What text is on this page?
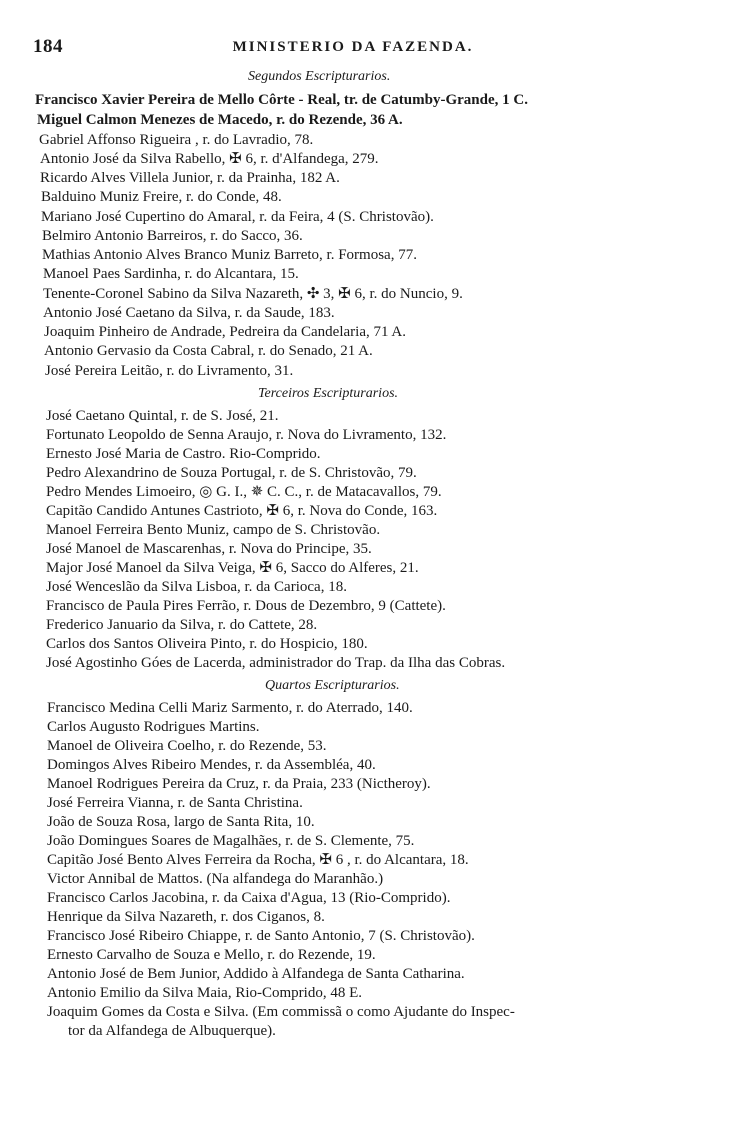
184	MINISTERIO DA FAZENDA.
Segundos Escripturarios.
Francisco Xavier Pereira de Mello Côrte - Real, tr. de Catumby-Grande, 1 C.
Miguel Calmon Menezes de Macedo, r. do Rezende, 36 A.
Gabriel Affonso Rigueira , r. do Lavradio, 78.
Antonio José da Silva Rabello, ✠ 6, r. d'Alfandega, 279.
Ricardo Alves Villela Junior, r. da Prainha, 182 A.
Balduino Muniz Freire, r. do Conde, 48.
Mariano José Cupertino do Amaral, r. da Feira, 4 (S. Christovão).
Belmiro Antonio Barreiros, r. do Sacco, 36.
Mathias Antonio Alves Branco Muniz Barreto, r. Formosa, 77.
Manoel Paes Sardinha, r. do Alcantara, 15.
Tenente-Coronel Sabino da Silva Nazareth, ✣ 3, ✠ 6, r. do Nuncio, 9.
Antonio José Caetano da Silva, r. da Saude, 183.
Joaquim Pinheiro de Andrade, Pedreira da Candelaria, 71 A.
Antonio Gervasio da Costa Cabral, r. do Senado, 21 A.
José Pereira Leitão, r. do Livramento, 31.
Terceiros Escripturarios.
José Caetano Quintal, r. de S. José, 21.
Fortunato Leopoldo de Senna Araujo, r. Nova do Livramento, 132.
Ernesto José Maria de Castro. Rio-Comprido.
Pedro Alexandrino de Souza Portugal, r. de S. Christovão, 79.
Pedro Mendes Limoeiro, ◎ G. I., ✵ C. C., r. de Matacavallos, 79.
Capitão Candido Antunes Castrioto, ✠ 6, r. Nova do Conde, 163.
Manoel Ferreira Bento Muniz, campo de S. Christovão.
José Manoel de Mascarenhas, r. Nova do Principe, 35.
Major José Manoel da Silva Veiga, ✠ 6, Sacco do Alferes, 21.
José Wenceslão da Silva Lisboa, r. da Carioca, 18.
Francisco de Paula Pires Ferrão, r. Dous de Dezembro, 9 (Cattete).
Frederico Januario da Silva, r. do Cattete, 28.
Carlos dos Santos Oliveira Pinto, r. do Hospicio, 180.
José Agostinho Góes de Lacerda, administrador do Trap. da Ilha das Cobras.
Quartos Escripturarios.
Francisco Medina Celli Mariz Sarmento, r. do Aterrado, 140.
Carlos Augusto Rodrigues Martins.
Manoel de Oliveira Coelho, r. do Rezende, 53.
Domingos Alves Ribeiro Mendes, r. da Assembléa, 40.
Manoel Rodrigues Pereira da Cruz, r. da Praia, 233 (Nictheroy).
José Ferreira Vianna, r. de Santa Christina.
João de Souza Rosa, largo de Santa Rita, 10.
João Domingues Soares de Magalhães, r. de S. Clemente, 75.
Capitão José Bento Alves Ferreira da Rocha, ✠ 6 , r. do Alcantara, 18.
Victor Annibal de Mattos. (Na alfandega do Maranhão.)
Francisco Carlos Jacobina, r. da Caixa d'Agua, 13 (Rio-Comprido).
Henrique da Silva Nazareth, r. dos Ciganos, 8.
Francisco José Ribeiro Chiappe, r. de Santo Antonio, 7 (S. Christovão).
Ernesto Carvalho de Souza e Mello, r. do Rezende, 19.
Antonio José de Bem Junior, Addido à Alfandega de Santa Catharina.
Antonio Emilio da Silva Maia, Rio-Comprido, 48 E.
Joaquim Gomes da Costa e Silva. (Em commissã o como Ajudante do Inspec-
tor da Alfandega de Albuquerque).
